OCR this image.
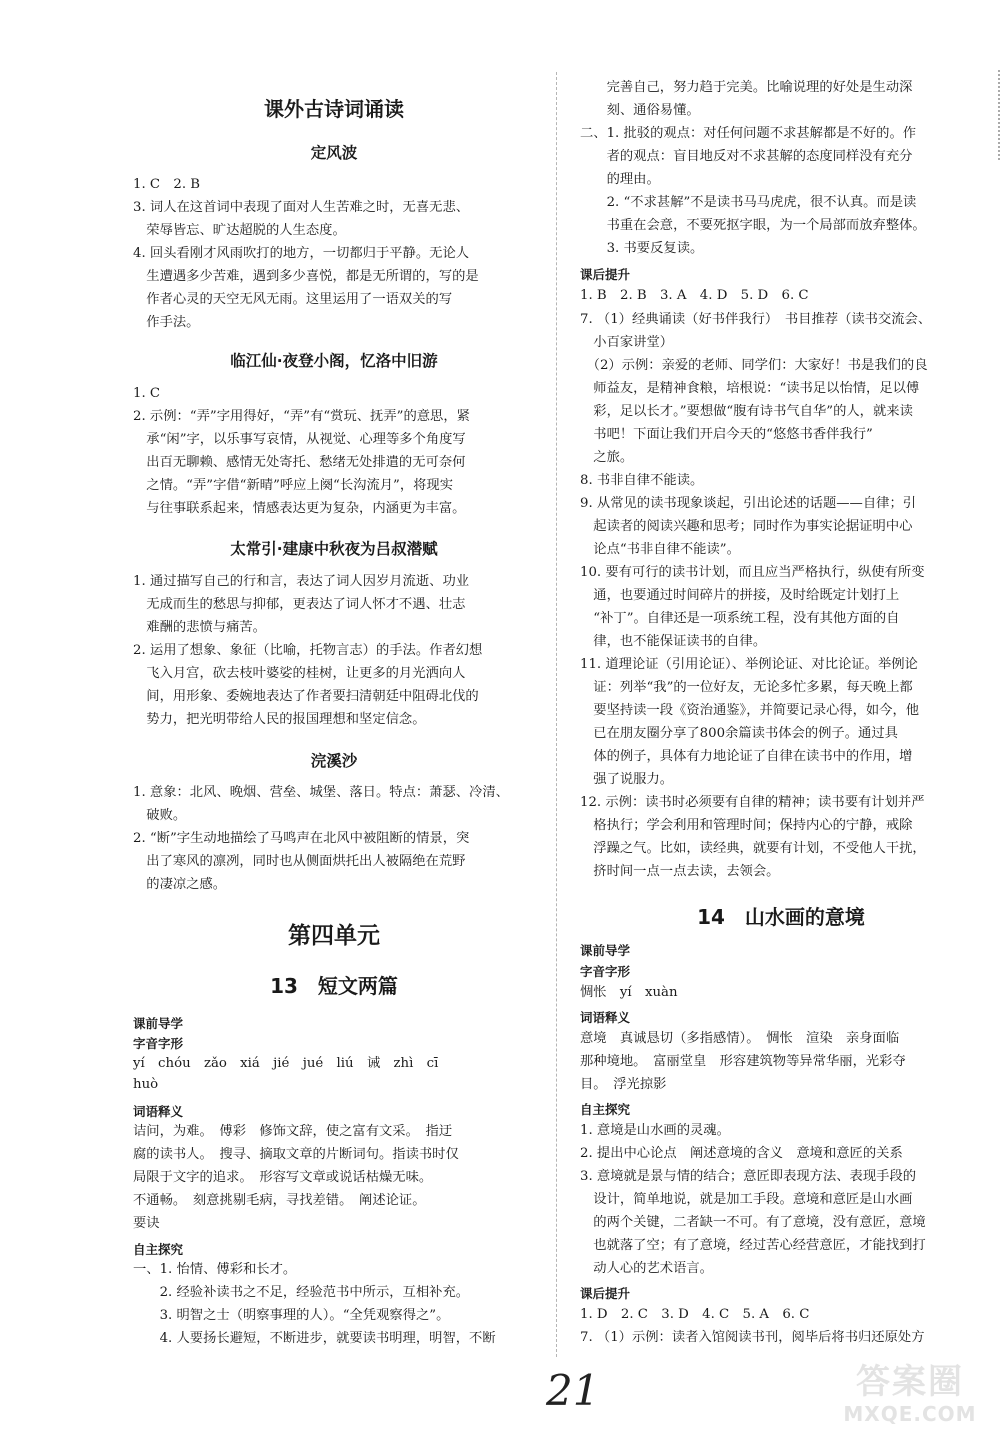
课外古诗词诵读
定风波
1. C　2. B
3. 词人在这首词中表现了面对人生苦难之时，无喜无悲、
　荣辱皆忘、旷达超脱的人生态度。
4. 回头看刚才风雨吹打的地方，一切都归于平静。无论人
　生遭遇多少苦难，遇到多少喜悦，都是无所谓的，写的是
　作者心灵的天空无风无雨。这里运用了一语双关的写
　作手法。
临江仙·夜登小阁，忆洛中旧游
1. C
2. 示例：“弄”字用得好，“弄”有“赏玩、抚弄”的意思，紧
　承“闲”字，以乐事写哀情，从视觉、心理等多个角度写
　出百无聊赖、感情无处寄托、愁绪无处排遣的无可奈何
　之情。“弄”字借“新晴”呼应上阕“长沟流月”，将现实
　与往事联系起来，情感表达更为复杂，内涵更为丰富。
太常引·建康中秋夜为吕叔潜赋
1. 通过描写自己的行和言，表达了词人因岁月流逝、功业
　无成而生的愁思与抑郁，更表达了词人怀才不遇、壮志
　难酬的悲愤与痛苦。
2. 运用了想象、象征（比喻，托物言志）的手法。作者幻想
　飞入月宫，砍去枝叶婆娑的桂树，让更多的月光洒向人
　间，用形象、委婉地表达了作者要扫清朝廷中阻碍北伐的
　势力，把光明带给人民的报国理想和坚定信念。
浣溪沙
1. 意象：北风、晚烟、营垒、城堡、落日。特点：萧瑟、冷清、
　破败。
2. “断”字生动地描绘了马鸣声在北风中被阻断的情景，突
　出了寒风的凛冽，同时也从侧面烘托出人被隔绝在荒野
　的凄凉之感。
第四单元
13　短文两篇
课前导学
字音字形
yí　chóu　zǎo　xiá　jié　jué　liú　诫　zhì　cī
huò
词语释义
诘问，为难。　傅彩　修饰文辞，使之富有文采。　指迂
腐的读书人。　搜寻、摘取文章的片断词句。指读书时仅
局限于文字的追求。　形容写文章或说话枯燥无味。
不通畅。　刻意挑剔毛病，寻找差错。　阐述论证。
要诀
自主探究
一、1. 怡情、傅彩和长才。
　　2. 经验补读书之不足，经验范书中所示，互相补充。
　　3. 明智之士（明察事理的人）。“全凭观察得之”。
　　4. 人要扬长避短，不断进步，就要读书明理，明智，不断
　　完善自己，努力趋于完美。比喻说理的好处是生动深
　　刻、通俗易懂。
二、1. 批驳的观点：对任何问题不求甚解都是不好的。作
　　者的观点：盲目地反对不求甚解的态度同样没有充分
　　的理由。
　　2. “不求甚解”不是读书马马虎虎，很不认真。而是读
　　书重在会意，不要死抠字眼，为一个局部而放弃整体。
　　3. 书要反复读。
课后提升
1. B　2. B　3. A　4. D　5. D　6. C
7. （1）经典诵读（好书伴我行）　书目推荐（读书交流会、
　小百家讲堂）
　（2）示例：亲爱的老师、同学们：大家好！书是我们的良
　师益友，是精神食粮，培根说：“读书足以怡情，足以傅
　彩，足以长才。”要想做“腹有诗书气自华”的人，就来读
　书吧！下面让我们开启今天的“悠悠书香伴我行”
　之旅。
8. 书非自律不能读。
9. 从常见的读书现象谈起，引出论述的话题——自律；引
　起读者的阅读兴趣和思考；同时作为事实论据证明中心
　论点“书非自律不能读”。
10. 要有可行的读书计划，而且应当严格执行，纵使有所变
　通，也要通过时间碎片的拼接，及时给既定计划打上
　“补丁”。自律还是一项系统工程，没有其他方面的自
　律，也不能保证读书的自律。
11. 道理论证（引用论证）、举例论证、对比论证。举例论
　证：列举“我”的一位好友，无论多忙多累，每天晚上都
　要坚持读一段《资治通鉴》，并简要记录心得，如今，他
　已在朋友圈分享了800余篇读书体会的例子。通过具
　体的例子，具体有力地论证了自律在读书中的作用，增
　强了说服力。
12. 示例：读书时必须要有自律的精神；读书要有计划并严
　格执行；学会利用和管理时间；保持内心的宁静，戒除
　浮躁之气。比如，读经典，就要有计划，不受他人干扰，
　挤时间一点一点去读，去领会。
14　山水画的意境
课前导学
字音字形
惆怅　yí　xuàn
词语释义
意境　真诚恳切（多指感情）。　惆怅　渲染　亲身面临
那种境地。　富丽堂皇　形容建筑物等异常华丽，光彩夺
目。　浮光掠影
自主探究
1. 意境是山水画的灵魂。
2. 提出中心论点　阐述意境的含义　意境和意匠的关系
3. 意境就是景与情的结合；意匠即表现方法、表现手段的
　设计，简单地说，就是加工手段。意境和意匠是山水画
　的两个关键，二者缺一不可。有了意境，没有意匠，意境
　也就落了空；有了意境，经过苦心经营意匠，才能找到打
　动人心的艺术语言。
课后提升
1. D　2. C　3. D　4. C　5. A　6. C
7. （1）示例：读者入馆阅读书刊，阅毕后将书归还原处方
21	答案圈
MXQE.COM
